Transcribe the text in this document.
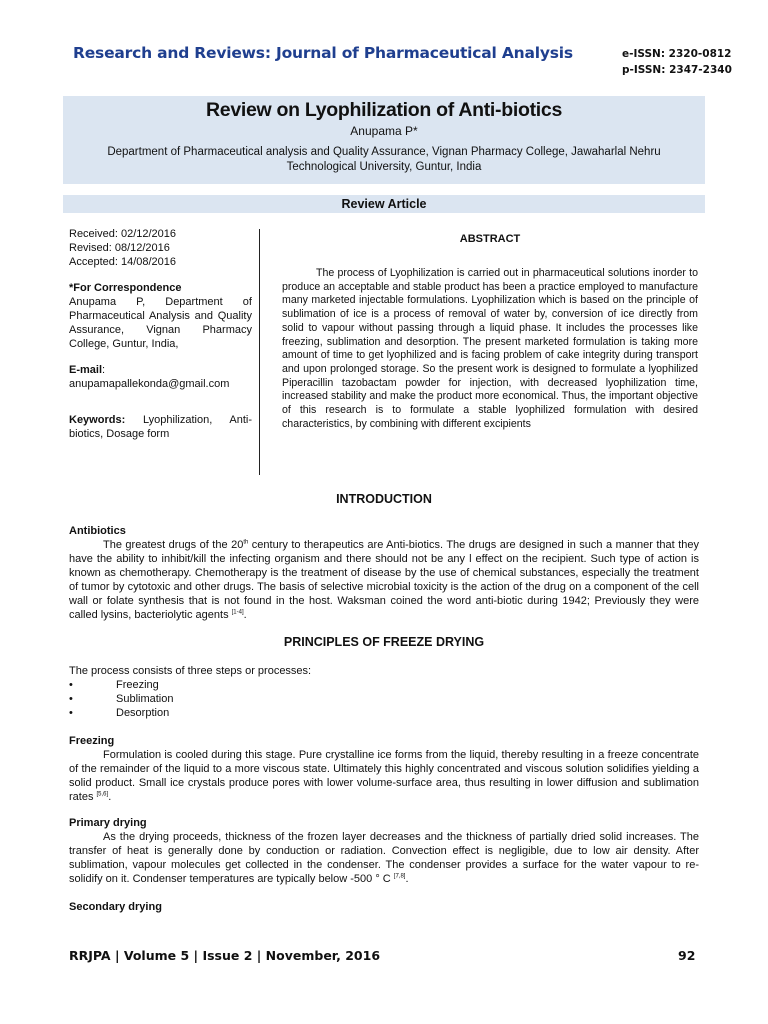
Research and Reviews: Journal of Pharmaceutical Analysis	e-ISSN: 2320-0812
p-ISSN: 2347-2340
Review on Lyophilization of Anti-biotics
Anupama P*
Department of Pharmaceutical analysis and Quality Assurance, Vignan Pharmacy College, Jawaharlal Nehru Technological University, Guntur, India
Review Article

Received: 02/12/2016

Revised: 08/12/2016

Accepted: 14/08/2016

*For Correspondence

Anupama P, Department of Pharmaceutical Analysis and Quality Assurance, Vignan Pharmacy College, Guntur, India,

E-mail:

anupamapallekonda@gmail.com

Keywords: Lyophilization, Anti-biotics, Dosage form

ABSTRACT

The process of Lyophilization is carried out in pharmaceutical solutions inorder to produce an acceptable and stable product has been a practice employed to manufacture many marketed injectable formulations. Lyophilization which is based on the principle of sublimation of ice is a process of removal of water by, conversion of ice directly from solid to vapour without passing through a liquid phase. It includes the processes like freezing, sublimation and desorption. The present marketed formulation is taking more amount of time to get lyophilized and is facing problem of cake integrity during transport and upon prolonged storage. So the present work is designed to formulate a lyophilized Piperacillin tazobactam powder for injection, with decreased lyophilization time, increased stability and make the product more economical. Thus, the important objective of this research is to formulate a stable lyophilized formulation with desired characteristics, by combining with different excipients

INTRODUCTION

Antibiotics

The greatest drugs of the 20th century to therapeutics are Anti-biotics. The drugs are designed in such a manner that they have the ability to inhibit/kill the infecting organism and there should not be any l effect on the recipient. Such type of action is known as chemotherapy. Chemotherapy is the treatment of disease by the use of chemical substances, especially the treatment of tumor by cytotoxic and other drugs. The basis of selective microbial toxicity is the action of the drug on a component of the cell wall or folate synthesis that is not found in the host. Waksman coined the word anti-biotic during 1942; Previously they were called lysins, bacteriolytic agents [1-4].

PRINCIPLES OF FREEZE DRYING

The process consists of three steps or processes:

•	Freezing
•	Sublimation
•	Desorption

Freezing

Formulation is cooled during this stage. Pure crystalline ice forms from the liquid, thereby resulting in a freeze concentrate of the remainder of the liquid to a more viscous state. Ultimately this highly concentrated and viscous solution solidifies yielding a solid product. Small ice crystals produce pores with lower volume-surface area, thus resulting in lower diffusion and sublimation rates [5,6].

Primary drying

As the drying proceeds, thickness of the frozen layer decreases and the thickness of partially dried solid increases. The transfer of heat is generally done by conduction or radiation. Convection effect is negligible, due to low air density. After sublimation, vapour molecules get collected in the condenser. The condenser provides a surface for the water vapour to re-solidify on it. Condenser temperatures are typically below -500 ° C [7,8].

Secondary drying

RRJPA | Volume 5 | Issue 2 | November, 2016	92
